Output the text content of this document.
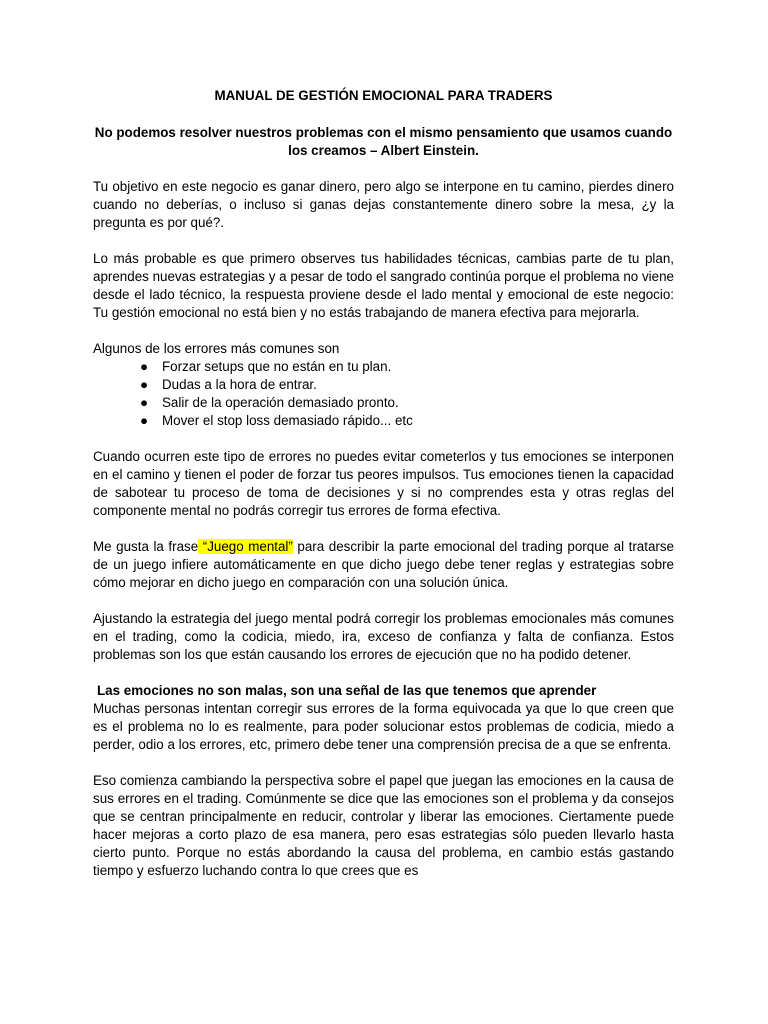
MANUAL DE GESTIÓN EMOCIONAL PARA TRADERS
No podemos resolver nuestros problemas con el mismo pensamiento que usamos cuando los creamos – Albert Einstein.

Tu objetivo en este negocio es ganar dinero, pero algo se interpone en tu camino, pierdes dinero cuando no deberías, o incluso si ganas dejas constantemente dinero sobre la mesa, ¿y la pregunta es por qué?.

Lo más probable es que primero observes tus habilidades técnicas, cambias parte de tu plan, aprendes nuevas estrategias y a pesar de todo el sangrado continúa porque el problema no viene desde el lado técnico, la respuesta proviene desde el lado mental y emocional de este negocio: Tu gestión emocional no está bien y no estás trabajando de manera efectiva para mejorarla.

Algunos de los errores más comunes son
● Forzar setups que no están en tu plan.
● Dudas a la hora de entrar.
● Salir de la operación demasiado pronto.
● Mover el stop loss demasiado rápido... etc

Cuando ocurren este tipo de errores no puedes evitar cometerlos y tus emociones se interponen en el camino y tienen el poder de forzar tus peores impulsos. Tus emociones tienen la capacidad de sabotear tu proceso de toma de decisiones y si no comprendes esta y otras reglas del componente mental no podrás corregir tus errores de forma efectiva.

Me gusta la frase “Juego mental” para describir la parte emocional del trading porque al tratarse de un juego infiere automáticamente en que dicho juego debe tener reglas y estrategias sobre cómo mejorar en dicho juego en comparación con una solución única.

Ajustando la estrategia del juego mental podrá corregir los problemas emocionales más comunes en el trading, como la codicia, miedo, ira, exceso de confianza y falta de confianza. Estos problemas son los que están causando los errores de ejecución que no ha podido detener.

Las emociones no son malas, son una señal de las que tenemos que aprender

Muchas personas intentan corregir sus errores de la forma equivocada ya que lo que creen que es el problema no lo es realmente, para poder solucionar estos problemas de codicia, miedo a perder, odio a los errores, etc, primero debe tener una comprensión precisa de a que se enfrenta.

Eso comienza cambiando la perspectiva sobre el papel que juegan las emociones en la causa de sus errores en el trading. Comúnmente se dice que las emociones son el problema y da consejos que se centran principalmente en reducir, controlar y liberar las emociones. Ciertamente puede hacer mejoras a corto plazo de esa manera, pero esas estrategias sólo pueden llevarlo hasta cierto punto. Porque no estás abordando la causa del problema, en cambio estás gastando tiempo y esfuerzo luchando contra lo que crees que es
